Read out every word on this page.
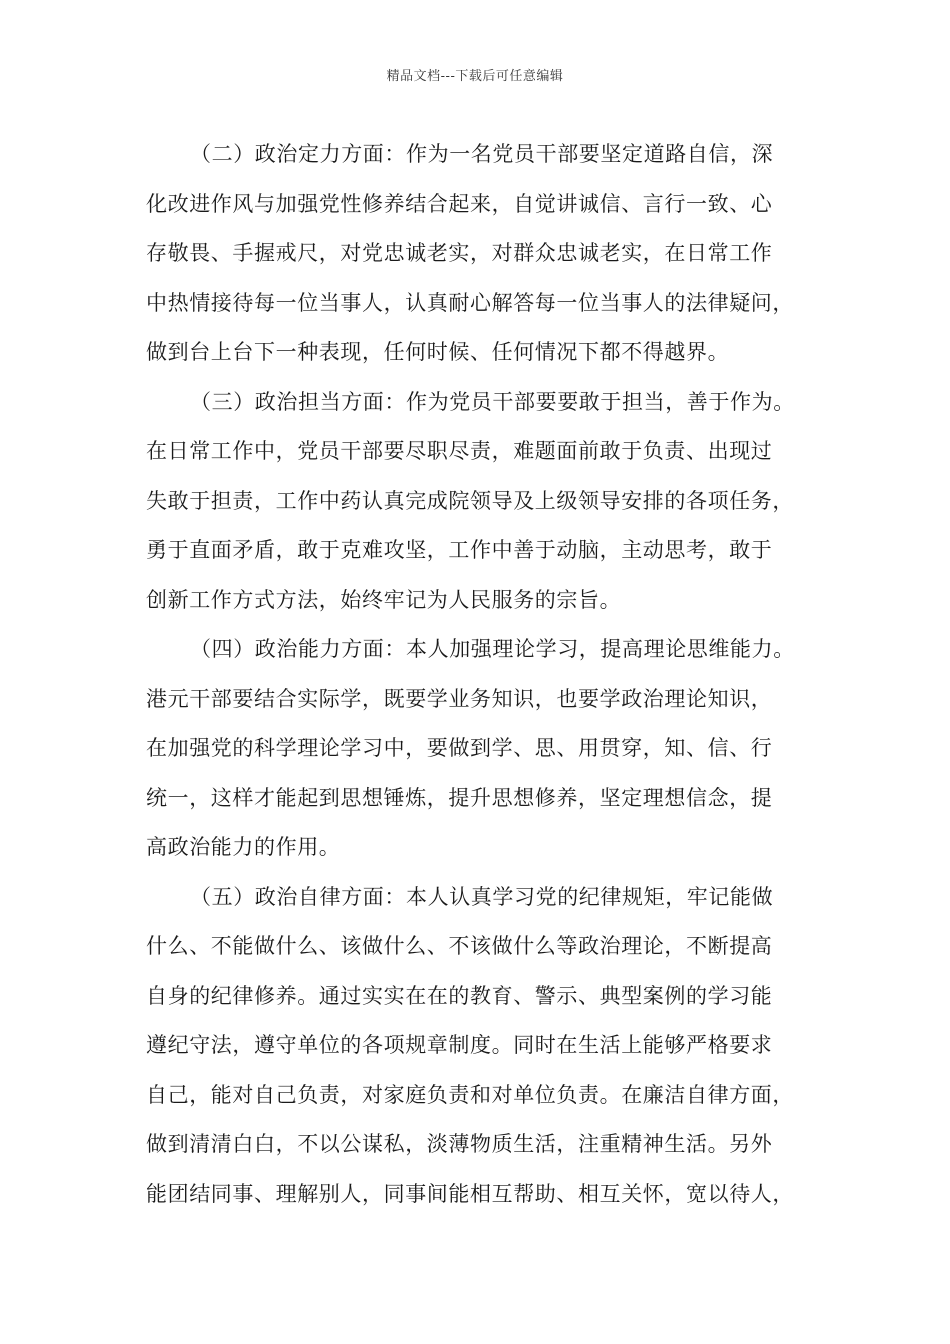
精品文档---下载后可任意编辑
（二）政治定力方面：作为一名党员干部要坚定道路自信，深
化改进作风与加强党性修养结合起来，自觉讲诚信、言行一致、心
存敬畏、手握戒尺，对党忠诚老实，对群众忠诚老实，在日常工作
中热情接待每一位当事人，认真耐心解答每一位当事人的法律疑问，
做到台上台下一种表现，任何时候、任何情况下都不得越界。
（三）政治担当方面：作为党员干部要要敢于担当，善于作为。
在日常工作中，党员干部要尽职尽责，难题面前敢于负责、出现过
失敢于担责，工作中药认真完成院领导及上级领导安排的各项任务，
勇于直面矛盾，敢于克难攻坚，工作中善于动脑，主动思考，敢于
创新工作方式方法，始终牢记为人民服务的宗旨。
（四）政治能力方面：本人加强理论学习，提高理论思维能力。
港元干部要结合实际学，既要学业务知识，也要学政治理论知识，
在加强党的科学理论学习中，要做到学、思、用贯穿，知、信、行
统一，这样才能起到思想锤炼，提升思想修养，坚定理想信念，提
高政治能力的作用。
（五）政治自律方面：本人认真学习党的纪律规矩，牢记能做
什么、不能做什么、该做什么、不该做什么等政治理论，不断提高
自身的纪律修养。通过实实在在的教育、警示、典型案例的学习能
遵纪守法，遵守单位的各项规章制度。同时在生活上能够严格要求
自己，能对自己负责，对家庭负责和对单位负责。在廉洁自律方面，
做到清清白白，不以公谋私，淡薄物质生活，注重精神生活。另外
能团结同事、理解别人，同事间能相互帮助、相互关怀，宽以待人，
